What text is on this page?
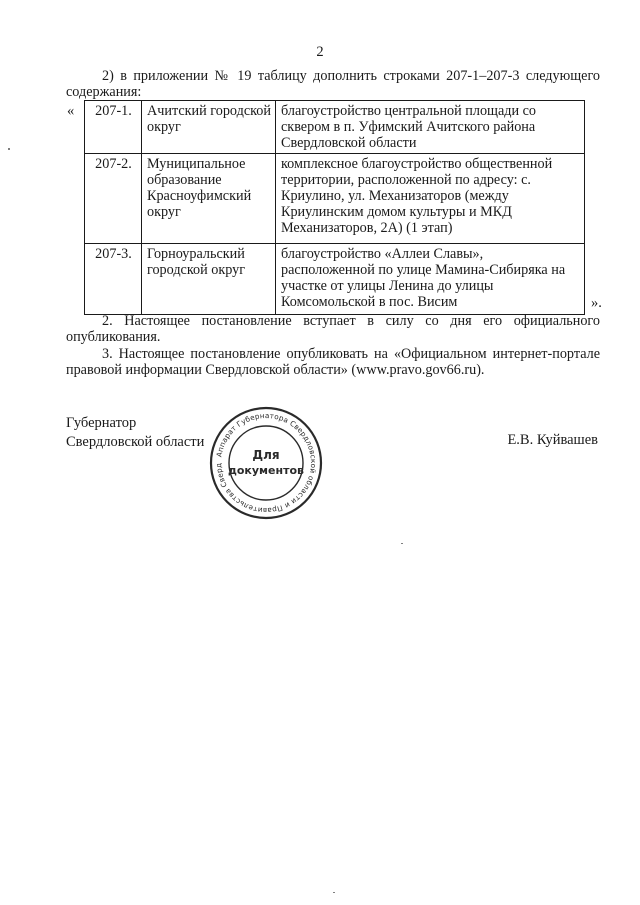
2
2) в приложении № 19 таблицу дополнить строками 207-1–207-3 следующего содержания:
« 207-1.	Ачитский городской округ	благоустройство центральной площади со сквером в п. Уфимский Ачитского района Свердловской области
207-2.	Муниципальное образование Красноуфимский округ	комплексное благоустройство общественной территории, расположенной по адресу: с. Криулино, ул. Механизаторов (между Криулинским домом культуры и МКД Механизаторов, 2А) (1 этап)
207-3.	Горноуральский городской округ	благоустройство «Аллеи Славы», расположенной по улице Мамина-Сибиряка на участке от улицы Ленина до улицы Комсомольской в пос. Висим	».
2. Настоящее постановление вступает в силу со дня его официального опубликования.
3. Настоящее постановление опубликовать на «Официальном интернет-портале правовой информации Свердловской области» (www.pravo.gov66.ru).
Губернатор
Свердловской области	Е.В. Куйвашев
Аппарат Губернатора Свердловской области и Правительства Сверд
Для
документов
